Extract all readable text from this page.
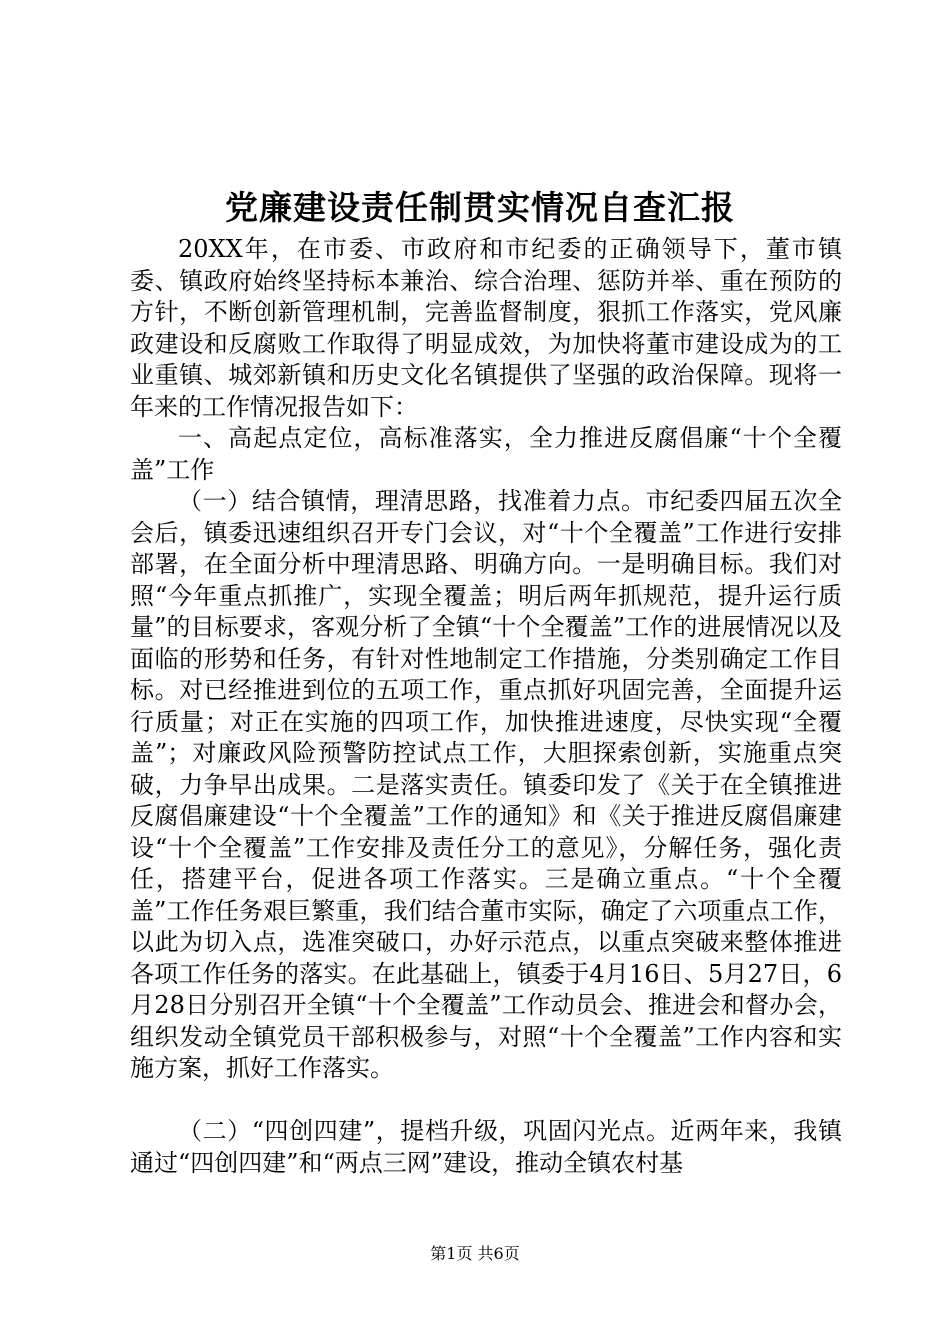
党廉建设责任制贯实情况自查汇报

20XX年，在市委、市政府和市纪委的正确领导下，董市镇委、镇政府始终坚持标本兼治、综合治理、惩防并举、重在预防的方针，不断创新管理机制，完善监督制度，狠抓工作落实，党风廉政建设和反腐败工作取得了明显成效，为加快将董市建设成为的工业重镇、城郊新镇和历史文化名镇提供了坚强的政治保障。现将一年来的工作情况报告如下：

一、高起点定位，高标准落实，全力推进反腐倡廉“十个全覆盖”工作

（一）结合镇情，理清思路，找准着力点。市纪委四届五次全会后，镇委迅速组织召开专门会议，对“十个全覆盖”工作进行安排部署，在全面分析中理清思路、明确方向。一是明确目标。我们对照“今年重点抓推广，实现全覆盖；明后两年抓规范，提升运行质量”的目标要求，客观分析了全镇“十个全覆盖”工作的进展情况以及面临的形势和任务，有针对性地制定工作措施，分类别确定工作目标。对已经推进到位的五项工作，重点抓好巩固完善，全面提升运行质量；对正在实施的四项工作，加快推进速度，尽快实现“全覆盖”；对廉政风险预警防控试点工作，大胆探索创新，实施重点突破，力争早出成果。二是落实责任。镇委印发了《关于在全镇推进反腐倡廉建设“十个全覆盖”工作的通知》和《关于推进反腐倡廉建设“十个全覆盖”工作安排及责任分工的意见》，分解任务，强化责任，搭建平台，促进各项工作落实。三是确立重点。“十个全覆盖”工作任务艰巨繁重，我们结合董市实际，确定了六项重点工作，以此为切入点，选准突破口，办好示范点，以重点突破来整体推进各项工作任务的落实。在此基础上，镇委于4月16日、5月27日，6月28日分别召开全镇“十个全覆盖”工作动员会、推进会和督办会，组织发动全镇党员干部积极参与，对照“十个全覆盖”工作内容和实施方案，抓好工作落实。

（二）“四创四建”，提档升级，巩固闪光点。近两年来，我镇通过“四创四建”和“两点三网”建设，推动全镇农村基

第1页 共6页
